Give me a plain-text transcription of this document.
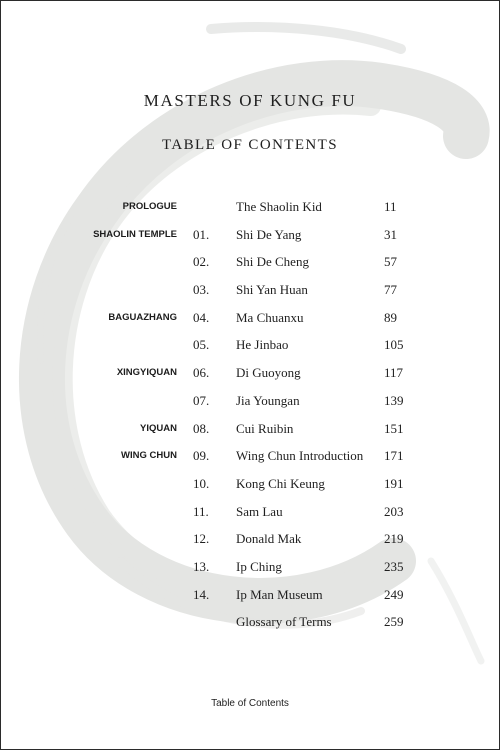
MASTERS OF KUNG FU
TABLE OF CONTENTS
PROLOGUE	The Shaolin Kid	11
SHAOLIN TEMPLE 01. Shi De Yang	31
02. Shi De Cheng	57
03. Shi Yan Huan	77
BAGUAZHANG 04. Ma Chuanxu	89
05. He Jinbao	105
XINGYIQUAN 06. Di Guoyong	117
07. Jia Youngan	139
YIQUAN 08. Cui Ruibin	151
WING CHUN 09. Wing Chun Introduction 171
10. Kong Chi Keung	191
11. Sam Lau	203
12. Donald Mak	219
13. Ip Ching	235
14. Ip Man Museum	249
Glossary of Terms	259
Table of Contents
